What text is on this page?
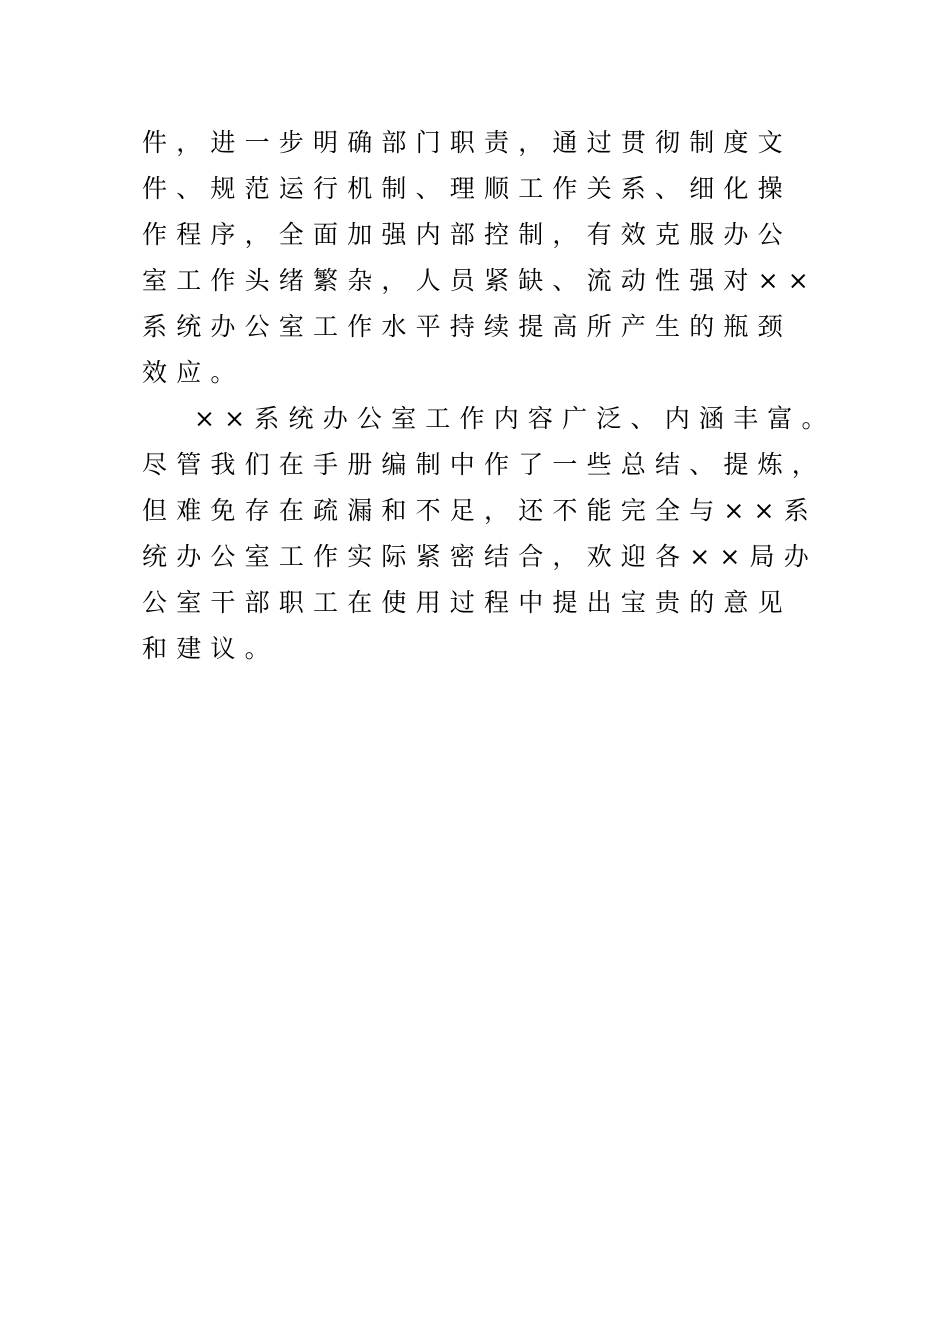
件，进一步明确部门职责，通过贯彻制度文
件、规范运行机制、理顺工作关系、细化操
作程序，全面加强内部控制，有效克服办公
室工作头绪繁杂，人员紧缺、流动性强对××
系统办公室工作水平持续提高所产生的瓶颈
效应。
××系统办公室工作内容广泛、内涵丰富。
尽管我们在手册编制中作了一些总结、提炼，
但难免存在疏漏和不足，还不能完全与××系
统办公室工作实际紧密结合，欢迎各××局办
公室干部职工在使用过程中提出宝贵的意见
和建议。
